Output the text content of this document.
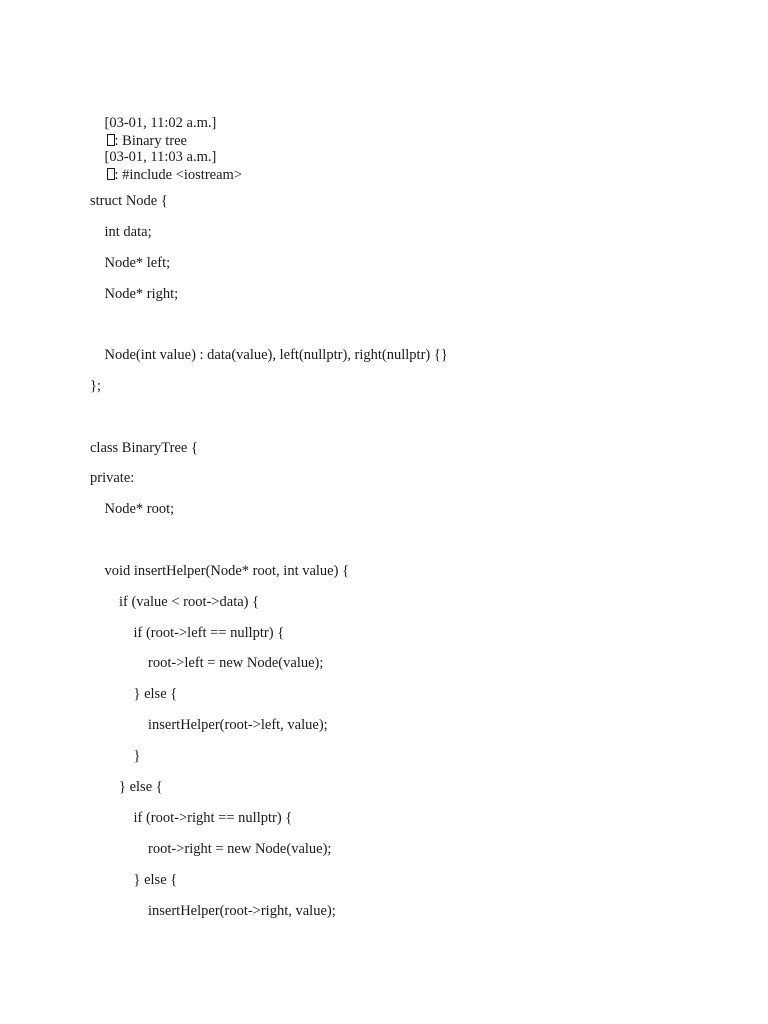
[03-01, 11:02 a.m.]
: Binary tree

[03-01, 11:03 a.m.]
: #include <iostream>

struct Node {
int data;
Node* left;
Node* right;
Node(int value) : data(value), left(nullptr), right(nullptr) {}
};
class BinaryTree {
private:
Node* root;
void insertHelper(Node* root, int value) {
if (value < root->data) {
if (root->left == nullptr) {
root->left = new Node(value);
} else {
insertHelper(root->left, value);
}
} else {
if (root->right == nullptr) {
root->right = new Node(value);
} else {
insertHelper(root->right, value);
